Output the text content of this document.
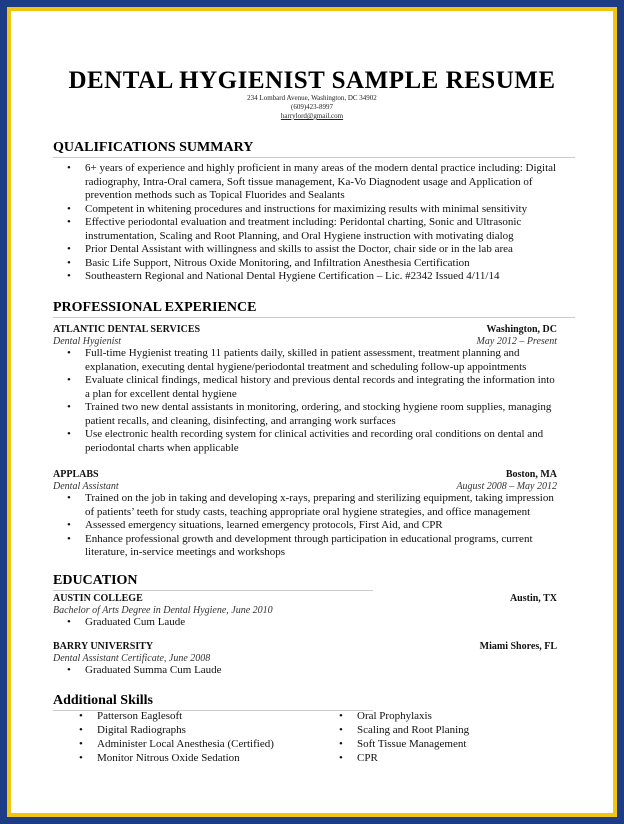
DENTAL HYGIENIST SAMPLE RESUME
234 Lombard Avenue, Washington, DC 34902
(609)423-8997
harrylord@gmail.com
QUALIFICATIONS SUMMARY
• 6+ years of experience and highly proficient in many areas of the modern dental practice including: Digital radiography, Intra-Oral camera, Soft tissue management, Ka-Vo Diagnodent usage and Application of prevention methods such as Topical Fluorides and Sealants
• Competent in whitening procedures and instructions for maximizing results with minimal sensitivity
• Effective periodontal evaluation and treatment including: Peridontal charting, Sonic and Ultrasonic instrumentation, Scaling and Root Planning, and Oral Hygiene instruction with motivating dialog
• Prior Dental Assistant with willingness and skills to assist the Doctor, chair side or in the lab area
• Basic Life Support, Nitrous Oxide Monitoring, and Infiltration Anesthesia Certification
• Southeastern Regional and National Dental Hygiene Certification – Lic. #2342 Issued 4/11/14
PROFESSIONAL EXPERIENCE
ATLANTIC DENTAL SERVICES	Washington, DC
Dental Hygienist	May 2012 – Present
• Full-time Hygienist treating 11 patients daily, skilled in patient assessment, treatment planning and explanation, executing dental hygiene/periodontal treatment and scheduling follow-up appointments
• Evaluate clinical findings, medical history and previous dental records and integrating the information into a plan for excellent dental hygiene
• Trained two new dental assistants in monitoring, ordering, and stocking hygiene room supplies, managing patient recalls, and cleaning, disinfecting, and arranging work surfaces
• Use electronic health recording system for clinical activities and recording oral conditions on dental and periodontal charts when applicable
APPLABS	Boston, MA
Dental Assistant	August 2008 – May 2012
• Trained on the job in taking and developing x-rays, preparing and sterilizing equipment, taking impression of patients’ teeth for study casts, teaching appropriate oral hygiene strategies, and office management
• Assessed emergency situations, learned emergency protocols, First Aid, and CPR
• Enhance professional growth and development through participation in educational programs, current literature, in-service meetings and workshops
EDUCATION
AUSTIN COLLEGE	Austin, TX
Bachelor of Arts Degree in Dental Hygiene, June 2010
• Graduated Cum Laude
BARRY UNIVERSITY	Miami Shores, FL
Dental Assistant Certificate, June 2008
• Graduated Summa Cum Laude
Additional Skills
• Patterson Eaglesoft
• Digital Radiographs
• Administer Local Anesthesia (Certified)
• Monitor Nitrous Oxide Sedation
• Oral Prophylaxis
• Scaling and Root Planing
• Soft Tissue Management
• CPR
